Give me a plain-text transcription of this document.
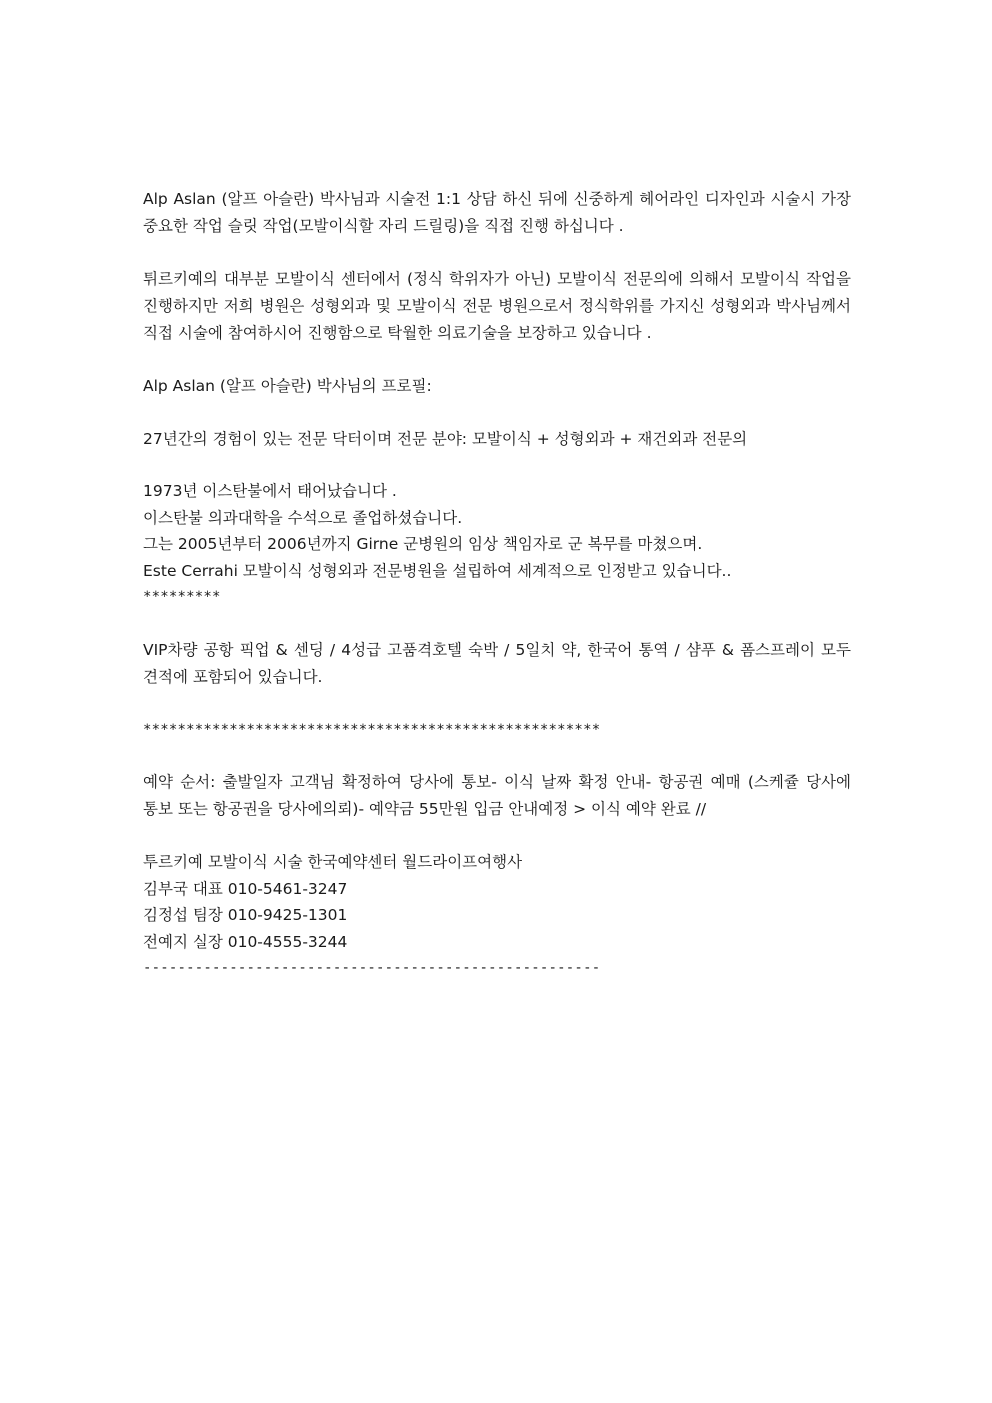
Alp Aslan (알프 아슬란) 박사님과 시술전 1:1 상담 하신 뒤에 신중하게 헤어라인 디자인과 시술시 가장 중요한 작업 슬릿 작업(모발이식할 자리 드릴링)을 직접 진행 하십니다 .

튀르키예의 대부분 모발이식 센터에서 (정식 학위자가 아닌) 모발이식 전문의에 의해서 모발이식 작업을 진행하지만 저희 병원은 성형외과 및 모발이식 전문 병원으로서 정식학위를 가지신 성형외과 박사님께서 직접 시술에 참여하시어 진행함으로 탁월한 의료기술을 보장하고 있습니다 .

Alp Aslan (알프 아슬란) 박사님의 프로필:

27년간의 경험이 있는 전문 닥터이며 전문 분야: 모발이식 + 성형외과 + 재건외과 전문의

1973년 이스탄불에서 태어났습니다 .

이스탄불 의과대학을 수석으로 졸업하셨습니다.

그는 2005년부터 2006년까지 Girne 군병원의 임상 책임자로 군 복무를 마쳤으며.

Este Cerrahi 모발이식 성형외과 전문병원을 설립하여 세계적으로 인정받고 있습니다..

*********

VIP차량 공항 픽업 & 센딩 / 4성급 고품격호텔 숙박 / 5일치 약, 한국어 통역 / 샴푸 & 폼스프레이 모두 견적에 포함되어 있습니다.

*****************************************************

예약 순서: 출발일자 고객님 확정하여 당사에 통보- 이식 날짜 확정 안내- 항공권 예매 (스케쥴 당사에 통보 또는 항공권을 당사에의뢰)- 예약금 55만원 입금 안내예정 > 이식 예약 완료 //

투르키예 모발이식 시술 한국예약센터 월드라이프여행사

김부국 대표 010-5461-3247

김정섭 팀장 010-9425-1301

전예지 실장 010-4555-3244

-----------------------------------------------------
